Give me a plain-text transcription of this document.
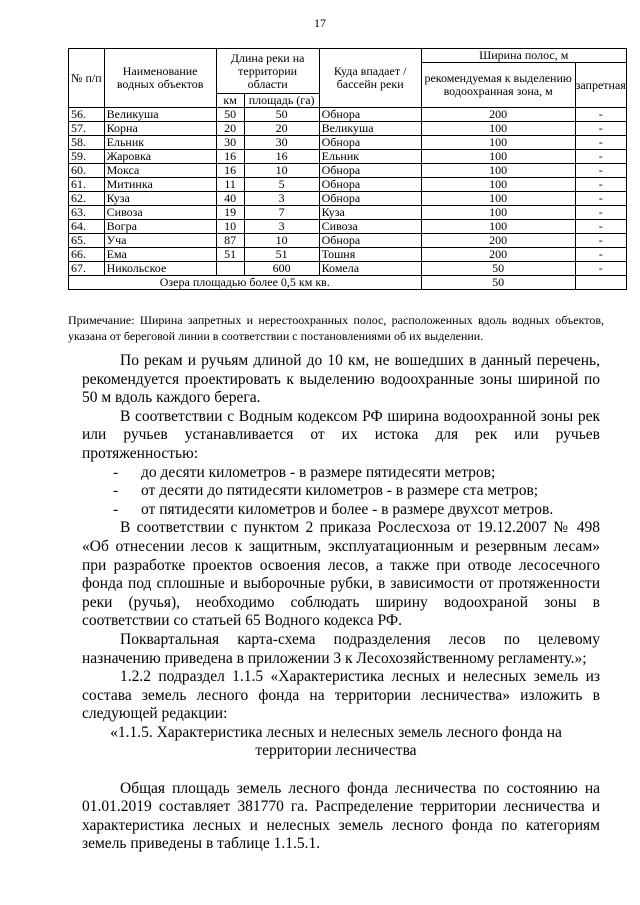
17
№ п/п	Наименование водных объектов	Длина реки на территории области		Куда впадает / бассейн реки	Ширина полос, м	
					рекомендуемая к выделению водоохранная зона, м	запретная
		км	площадь (га)			
56.	Великуша	50	50	Обнора	200	-
57.	Корна	20	20	Великуша	100	-
58.	Ельник	30	30	Обнора	100	-
59.	Жаровка	16	16	Ельник	100	-
60.	Мокса	16	10	Обнора	100	-
61.	Митинка	11	5	Обнора	100	-
62.	Куза	40	3	Обнора	100	-
63.	Сивоза	19	7	Куза	100	-
64.	Вогра	10	3	Сивоза	100	-
65.	Уча	87	10	Обнора	200	-
66.	Ема	51	51	Тошня	200	-
67.	Никольское		600	Комела	50	-
Озера площадью более 0,5 км кв.					50	
Примечание: Ширина запретных и нерестоохранных полос, расположенных вдоль водных объектов, указана от береговой линии в соответствии с постановлениями об их выделении.

По рекам и ручьям длиной до 10 км, не вошедших в данный перечень, рекомендуется проектировать к выделению водоохранные зоны шириной по 50 м вдоль каждого берега.

В соответствии с Водным кодексом РФ ширина водоохранной зоны рек или ручьев устанавливается от их истока для рек или ручьев протяженностью:

-	до десяти километров - в размере пятидесяти метров;
-	от десяти до пятидесяти километров - в размере ста метров;
-	от пятидесяти километров и более - в размере двухсот метров.

В соответствии с пунктом 2 приказа Рослесхоза от 19.12.2007 № 498 «Об отнесении лесов к защитным, эксплуатационным и резервным лесам» при разработке проектов освоения лесов, а также при отводе лесосечного фонда под сплошные и выборочные рубки, в зависимости от протяженности реки (ручья), необходимо соблюдать ширину водоохраной зоны в соответствии со статьей 65 Водного кодекса РФ.

Поквартальная карта-схема подразделения лесов по целевому назначению приведена в приложении 3 к Лесохозяйственному регламенту.»;

1.2.2 подраздел 1.1.5 «Характеристика лесных и нелесных земель из состава земель лесного фонда на территории лесничества» изложить в следующей редакции:

«1.1.5. Характеристика лесных и нелесных земель лесного фонда на территории лесничества

Общая площадь земель лесного фонда лесничества по состоянию на 01.01.2019 составляет 381770 га. Распределение территории лесничества и характеристика лесных и нелесных земель лесного фонда по категориям земель приведены в таблице 1.1.5.1.
